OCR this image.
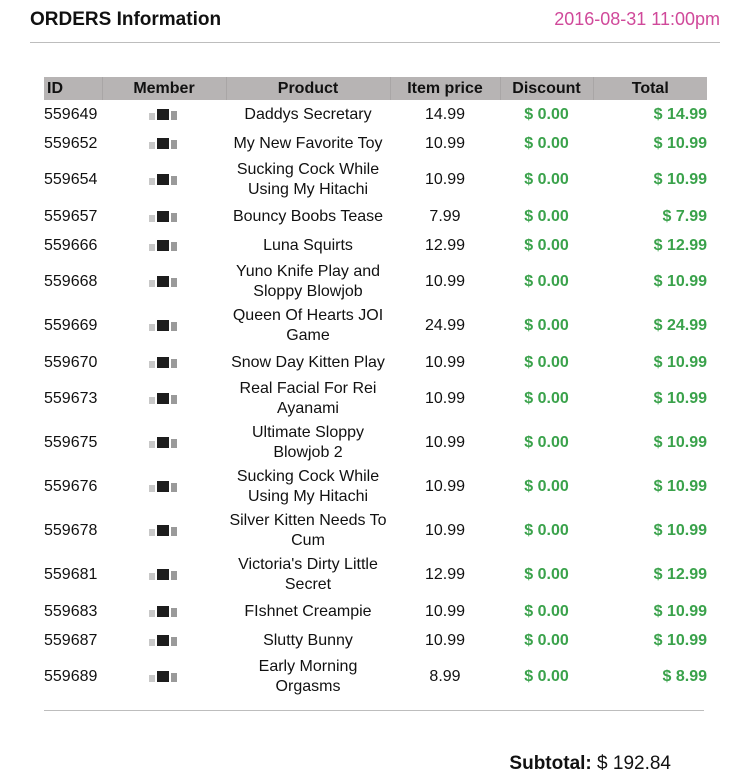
ORDERS Information	2016-08-31 11:00pm
ID	Member	Product	Item price	Discount	Total
559649		Daddys Secretary	14.99	$ 0.00	$ 14.99
559652		My New Favorite Toy	10.99	$ 0.00	$ 10.99
559654		Sucking Cock While Using My Hitachi	10.99	$ 0.00	$ 10.99
559657		Bouncy Boobs Tease	7.99	$ 0.00	$ 7.99
559666		Luna Squirts	12.99	$ 0.00	$ 12.99
559668		Yuno Knife Play and Sloppy Blowjob	10.99	$ 0.00	$ 10.99
559669		Queen Of Hearts JOI Game	24.99	$ 0.00	$ 24.99
559670		Snow Day Kitten Play	10.99	$ 0.00	$ 10.99
559673		Real Facial For Rei Ayanami	10.99	$ 0.00	$ 10.99
559675		Ultimate Sloppy Blowjob 2	10.99	$ 0.00	$ 10.99
559676		Sucking Cock While Using My Hitachi	10.99	$ 0.00	$ 10.99
559678		Silver Kitten Needs To Cum	10.99	$ 0.00	$ 10.99
559681		Victoria's Dirty Little Secret	12.99	$ 0.00	$ 12.99
559683		FIshnet Creampie	10.99	$ 0.00	$ 10.99
559687		Slutty Bunny	10.99	$ 0.00	$ 10.99
559689		Early Morning Orgasms	8.99	$ 0.00	$ 8.99
Subtotal: $ 192.84
